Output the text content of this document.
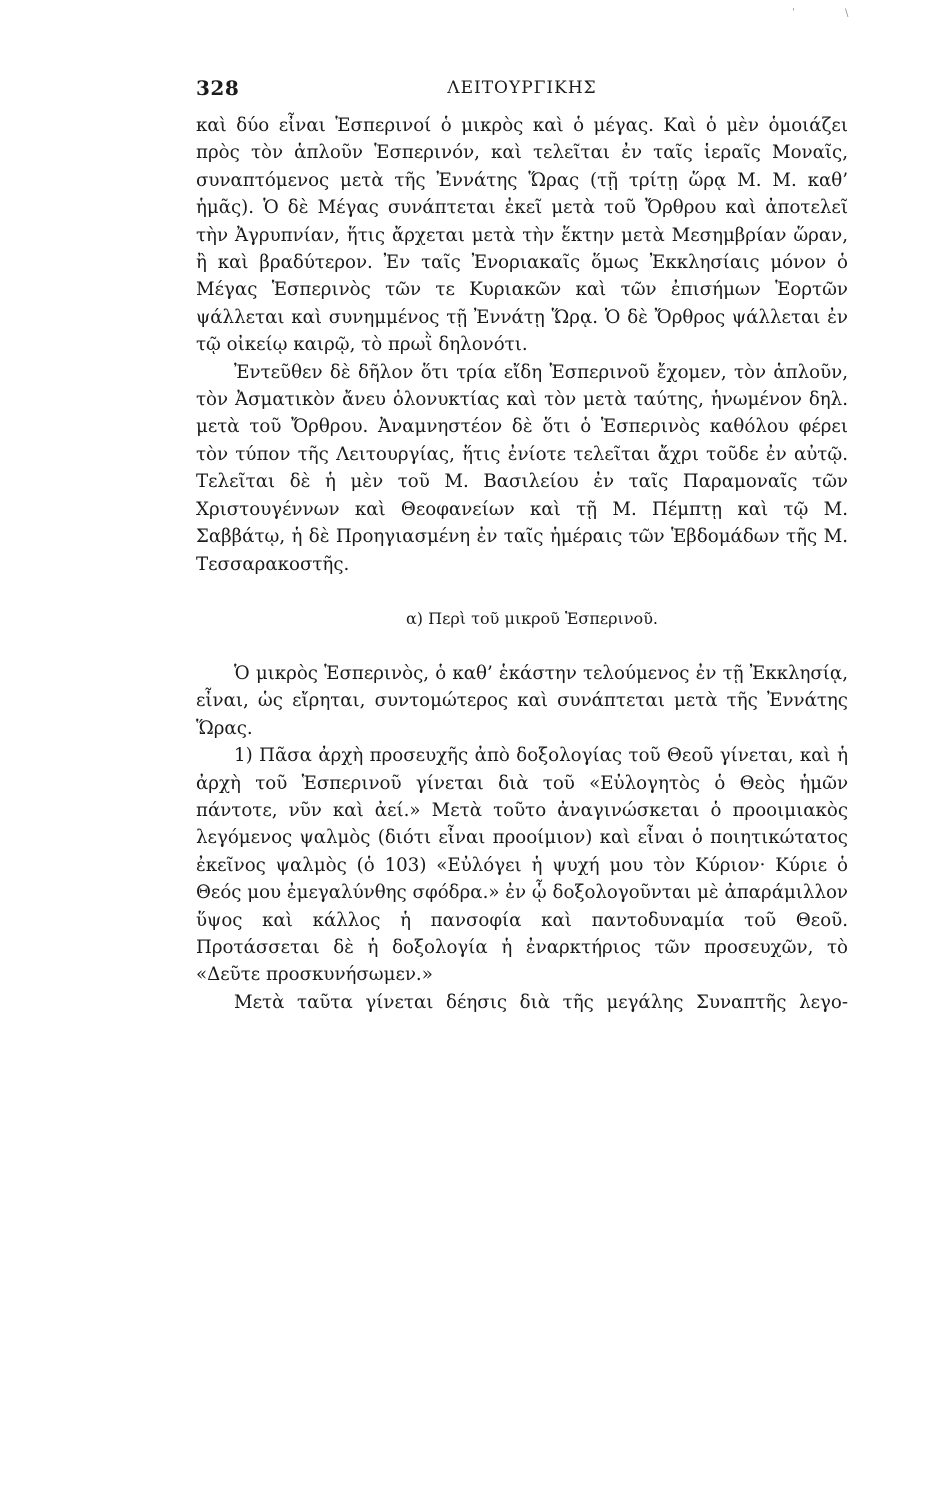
ˈ	\
328	ΛΕΙΤΟΥΡΓΙΚΗΣ

καὶ δύο εἶναι Ἑσπερινοί ὁ μικρὸς καὶ ὁ μέγας. Καὶ ὁ μὲν ὁμοιάζει πρὸς τὸν ἁπλοῦν Ἑσπερινόν, καὶ τελεῖται ἐν ταῖς ἱεραῖς Μοναῖς, συναπτόμενος μετὰ τῆς Ἐννάτης Ὥρας (τῇ τρίτῃ ὥρᾳ Μ. Μ. καθ’ ἡμᾶς). Ὁ δὲ Μέγας συνάπτεται ἐκεῖ μετὰ τοῦ Ὄρθρου καὶ ἀποτελεῖ τὴν Ἀγρυπνίαν, ἥτις ἄρχεται μετὰ τὴν ἕκτην μετὰ Μεσημβρίαν ὥραν, ἢ καὶ βραδύτερον. Ἐν ταῖς Ἐνοριακαῖς ὅμως Ἐκκλησίαις μόνον ὁ Μέγας Ἑσπερινὸς τῶν τε Κυριακῶν καὶ τῶν ἐπισήμων Ἑορτῶν ψάλλεται καὶ συνημμένος τῇ Ἐννάτῃ Ὥρᾳ. Ὁ δὲ Ὄρθρος ψάλλεται ἐν τῷ οἰκείῳ καιρῷ, τὸ πρωῒ δηλονότι.

Ἐντεῦθεν δὲ δῆλον ὅτι τρία εἴδη Ἑσπερινοῦ ἔχομεν, τὸν ἁπλοῦν, τὸν Ἀσματικὸν ἄνευ ὁλονυκτίας καὶ τὸν μετὰ ταύτης, ἡνωμένον δηλ. μετὰ τοῦ Ὄρθρου. Ἀναμνηστέον δὲ ὅτι ὁ Ἑσπερινὸς καθόλου φέρει τὸν τύπον τῆς Λειτουργίας, ἥτις ἐνίοτε τελεῖται ἄχρι τοῦδε ἐν αὐτῷ. Τελεῖται δὲ ἡ μὲν τοῦ Μ. Βασιλείου ἐν ταῖς Παραμοναῖς τῶν Χριστουγέννων καὶ Θεοφανείων καὶ τῇ Μ. Πέμπτῃ καὶ τῷ Μ. Σαββάτῳ, ἡ δὲ Προηγιασμένη ἐν ταῖς ἡμέραις τῶν Ἑβδομάδων τῆς Μ. Τεσσαρακοστῆς.

α) Περὶ τοῦ μικροῦ Ἑσπερινοῦ.

Ὁ μικρὸς Ἑσπερινὸς, ὁ καθ’ ἑκάστην τελούμενος ἐν τῇ Ἐκκλησίᾳ, εἶναι, ὡς εἴρηται, συντομώτερος καὶ συνάπτεται μετὰ τῆς Ἐννάτης Ὥρας.

1) Πᾶσα ἀρχὴ προσευχῆς ἀπὸ δοξολογίας τοῦ Θεοῦ γίνεται, καὶ ἡ ἀρχὴ τοῦ Ἑσπερινοῦ γίνεται διὰ τοῦ «Εὐλογητὸς ὁ Θεὸς ἡμῶν πάντοτε, νῦν καὶ ἀεί.» Μετὰ τοῦτο ἀναγινώσκεται ὁ προοιμιακὸς λεγόμενος ψαλμὸς (διότι εἶναι προοίμιον) καὶ εἶναι ὁ ποιητικώτατος ἐκεῖνος ψαλμὸς (ὁ 103) «Εὐλόγει ἡ ψυχή μου τὸν Κύριον· Κύριε ὁ Θεός μου ἐμεγαλύνθης σφόδρα.» ἐν ᾧ δοξολογοῦνται μὲ ἀπαράμιλλον ὕψος καὶ κάλλος ἡ πανσοφία καὶ παντοδυναμία τοῦ Θεοῦ. Προτάσσεται δὲ ἡ δοξολογία ἡ ἐναρκτήριος τῶν προσευχῶν, τὸ «Δεῦτε προσκυνήσωμεν.»

Μετὰ ταῦτα γίνεται δέησις διὰ τῆς μεγάλης Συναπτῆς λεγο-
